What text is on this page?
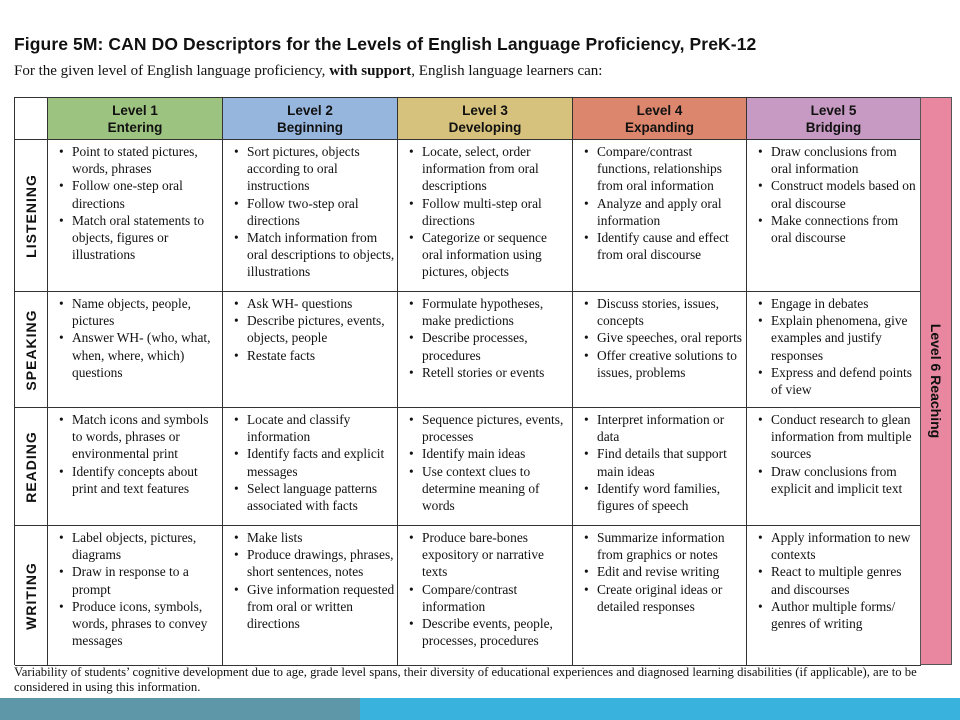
Figure 5M: CAN DO Descriptors for the Levels of English Language Proficiency, PreK-12
For the given level of English language proficiency, with support, English language learners can:
Level 1
Entering
Level 2
Beginning
Level 3
Developing
Level 4
Expanding
Level 5
Bridging
LISTENING
• Point to stated pictures, words, phrases
• Follow one-step oral directions
• Match oral statements to objects, figures or illustrations
• Sort pictures, objects according to oral instructions
• Follow two-step oral directions
• Match information from oral descriptions to objects, illustrations
• Locate, select, order information from oral descriptions
• Follow multi-step oral directions
• Categorize or sequence oral information using pictures, objects
• Compare/contrast functions, relationships from oral information
• Analyze and apply oral information
• Identify cause and effect from oral discourse
• Draw conclusions from oral information
• Construct models based on oral discourse
• Make connections from oral discourse
SPEAKING
• Name objects, people, pictures
• Answer WH- (who, what, when, where, which) questions
• Ask WH- questions
• Describe pictures, events, objects, people
• Restate facts
• Formulate hypotheses, make predictions
• Describe processes, procedures
• Retell stories or events
• Discuss stories, issues, concepts
• Give speeches, oral reports
• Offer creative solutions to issues, problems
• Engage in debates
• Explain phenomena, give examples and justify responses
• Express and defend points of view
READING
• Match icons and symbols to words, phrases or environmental print
• Identify concepts about print and text features
• Locate and classify information
• Identify facts and explicit messages
• Select language patterns associated with facts
• Sequence pictures, events, processes
• Identify main ideas
• Use context clues to determine meaning of words
• Interpret information or data
• Find details that support main ideas
• Identify word families, figures of speech
• Conduct research to glean information from multiple sources
• Draw conclusions from explicit and implicit text
WRITING
• Label objects, pictures, diagrams
• Draw in response to a prompt
• Produce icons, symbols, words, phrases to convey messages
• Make lists
• Produce drawings, phrases, short sentences, notes
• Give information requested from oral or written directions
• Produce bare-bones expository or narrative texts
• Compare/contrast information
• Describe events, people, processes, procedures
• Summarize information from graphics or notes
• Edit and revise writing
• Create original ideas or detailed responses
• Apply information to new contexts
• React to multiple genres and discourses
• Author multiple forms/ genres of writing
Level 6 Reaching
Variability of students’ cognitive development due to age, grade level spans, their diversity of educational experiences and diagnosed learning disabilities (if applicable), are to be considered in using this information.
